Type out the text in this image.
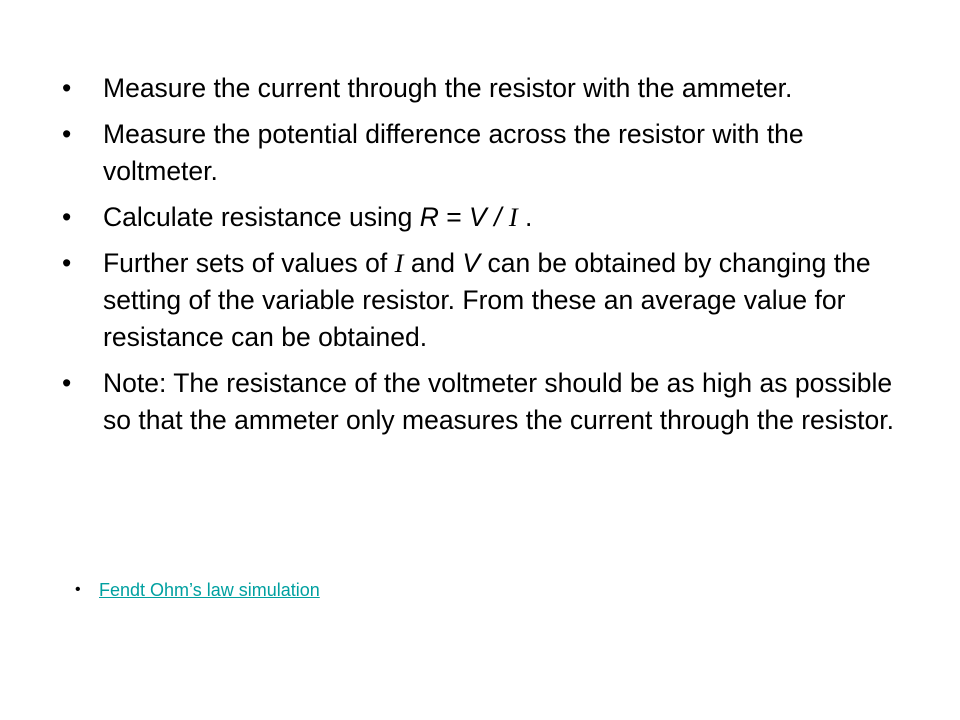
• Measure the current through the resistor with the ammeter.
• Measure the potential difference across the resistor with the voltmeter.
• Calculate resistance using R = V / I .
• Further sets of values of I and V can be obtained by changing the setting of the variable resistor. From these an average value for resistance can be obtained.
• Note: The resistance of the voltmeter should be as high as possible so that the ammeter only measures the current through the resistor.
• Fendt Ohm’s law simulation
